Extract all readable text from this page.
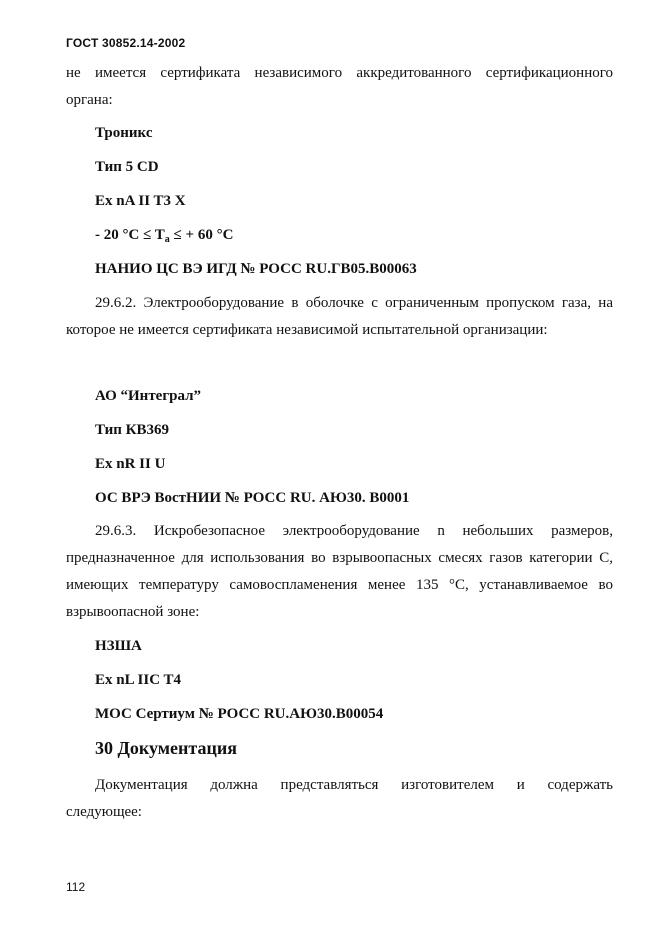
ГОСТ 30852.14-2002
не имеется сертификата независимого аккредитованного сертификационного
органа:
Троникс
Тип 5 CD
Ex nA II T3 X
- 20 $^\circ C \le T_a$ ≤ + 60 °C
НАНИО ЦС ВЭ ИГД № РОСС RU.ГВ05.В00063
29.6.2. Электрооборудование в оболочке с ограниченным пропуском газа, на
которое не имеется сертификата независимой испытательной организации:
АО “Интеграл”
Тип КВ369
Ex nR II U
ОС ВРЭ ВостНИИ № РОСС RU. АЮ30. В0001
29.6.3. Искробезопасное электрооборудование n небольших размеров,
предназначенное для использования во взрывоопасных смесях газов категории С,
имеющих температуру самовоспламенения менее 135 °C, устанавливаемое во
взрывоопасной зоне:
НЗША
Ex nL IIC T4
МОС Сертиум № РОСС RU.АЮ30.В00054
30 Документация
Документация должна представляться изготовителем и содержать
следующее:
112
